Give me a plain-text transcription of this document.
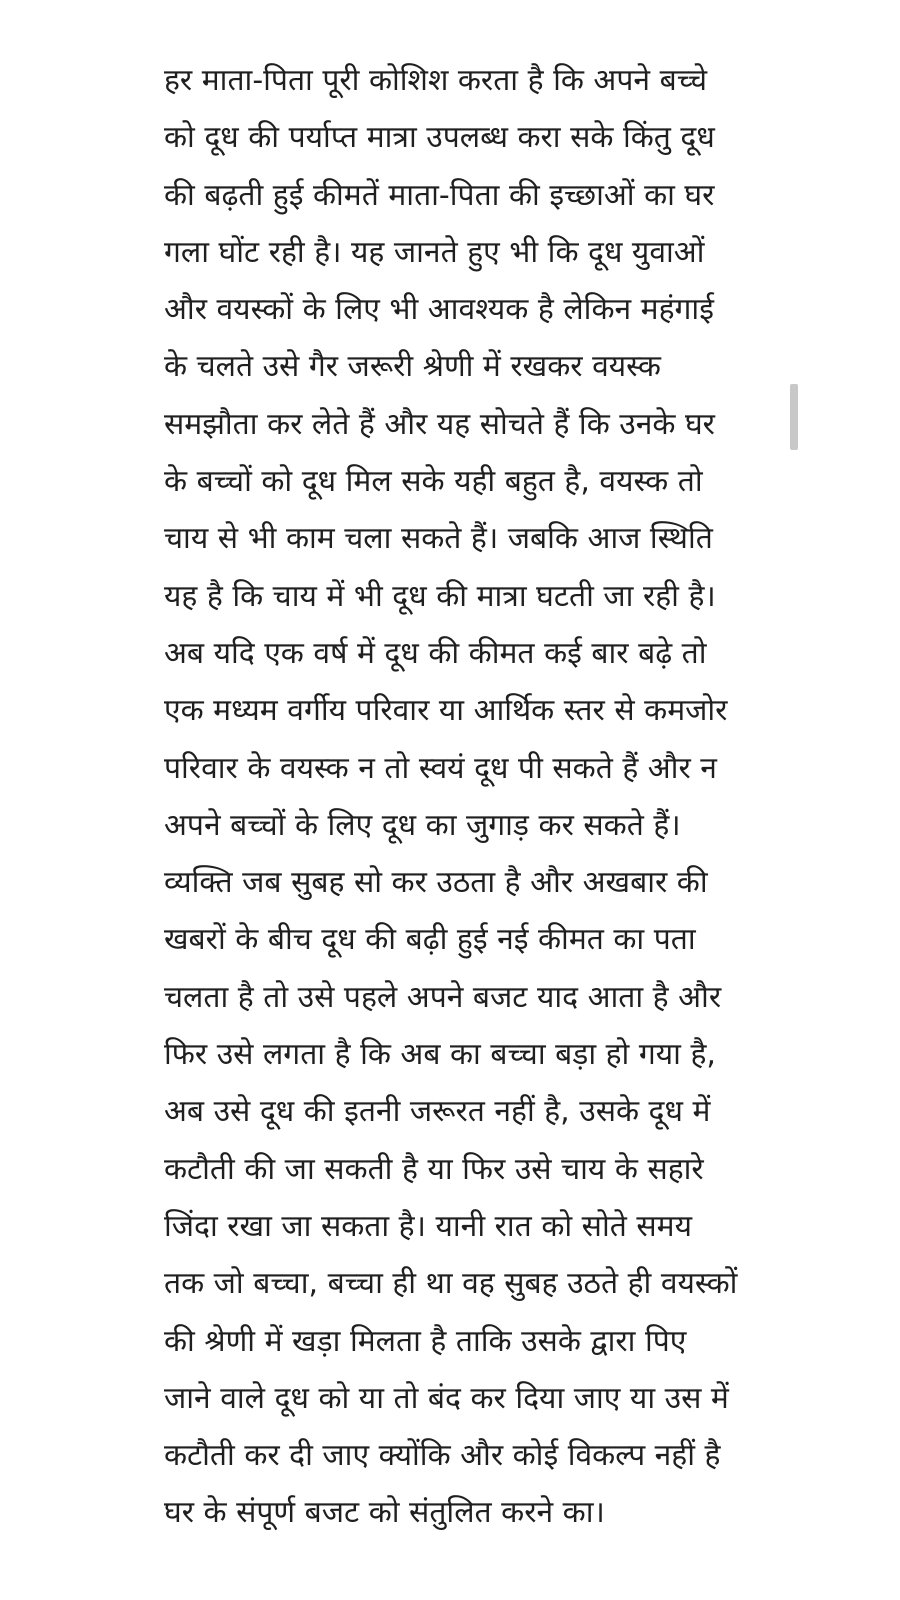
हर माता-पिता पूरी कोशिश करता है कि अपने बच्चे
को दूध की पर्याप्त मात्रा उपलब्ध करा सके किंतु दूध
की बढ़ती हुई कीमतें माता-पिता की इच्छाओं का घर
गला घोंट रही है। यह जानते हुए भी कि दूध युवाओं
और वयस्कों के लिए भी आवश्यक है लेकिन महंगाई
के चलते उसे गैर जरूरी श्रेणी में रखकर वयस्क
समझौता कर लेते हैं और यह सोचते हैं कि उनके घर
के बच्चों को दूध मिल सके यही बहुत है, वयस्क तो
चाय से भी काम चला सकते हैं। जबकि आज स्थिति
यह है कि चाय में भी दूध की मात्रा घटती जा रही है।
अब यदि एक वर्ष में दूध की कीमत कई बार बढ़े तो
एक मध्यम वर्गीय परिवार या आर्थिक स्तर से कमजोर
परिवार के वयस्क न तो स्वयं दूध पी सकते हैं और न
अपने बच्चों के लिए दूध का जुगाड़ कर सकते हैं।
व्यक्ति जब सुबह सो कर उठता है और अखबार की
खबरों के बीच दूध की बढ़ी हुई नई कीमत का पता
चलता है तो उसे पहले अपने बजट याद आता है और
फिर उसे लगता है कि अब का बच्चा बड़ा हो गया है,
अब उसे दूध की इतनी जरूरत नहीं है, उसके दूध में
कटौती की जा सकती है या फिर उसे चाय के सहारे
जिंदा रखा जा सकता है। यानी रात को सोते समय
तक जो बच्चा, बच्चा ही था वह सुबह उठते ही वयस्कों
की श्रेणी में खड़ा मिलता है ताकि उसके द्वारा पिए
जाने वाले दूध को या तो बंद कर दिया जाए या उस में
कटौती कर दी जाए क्योंकि और कोई विकल्प नहीं है
घर के संपूर्ण बजट को संतुलित करने का।
